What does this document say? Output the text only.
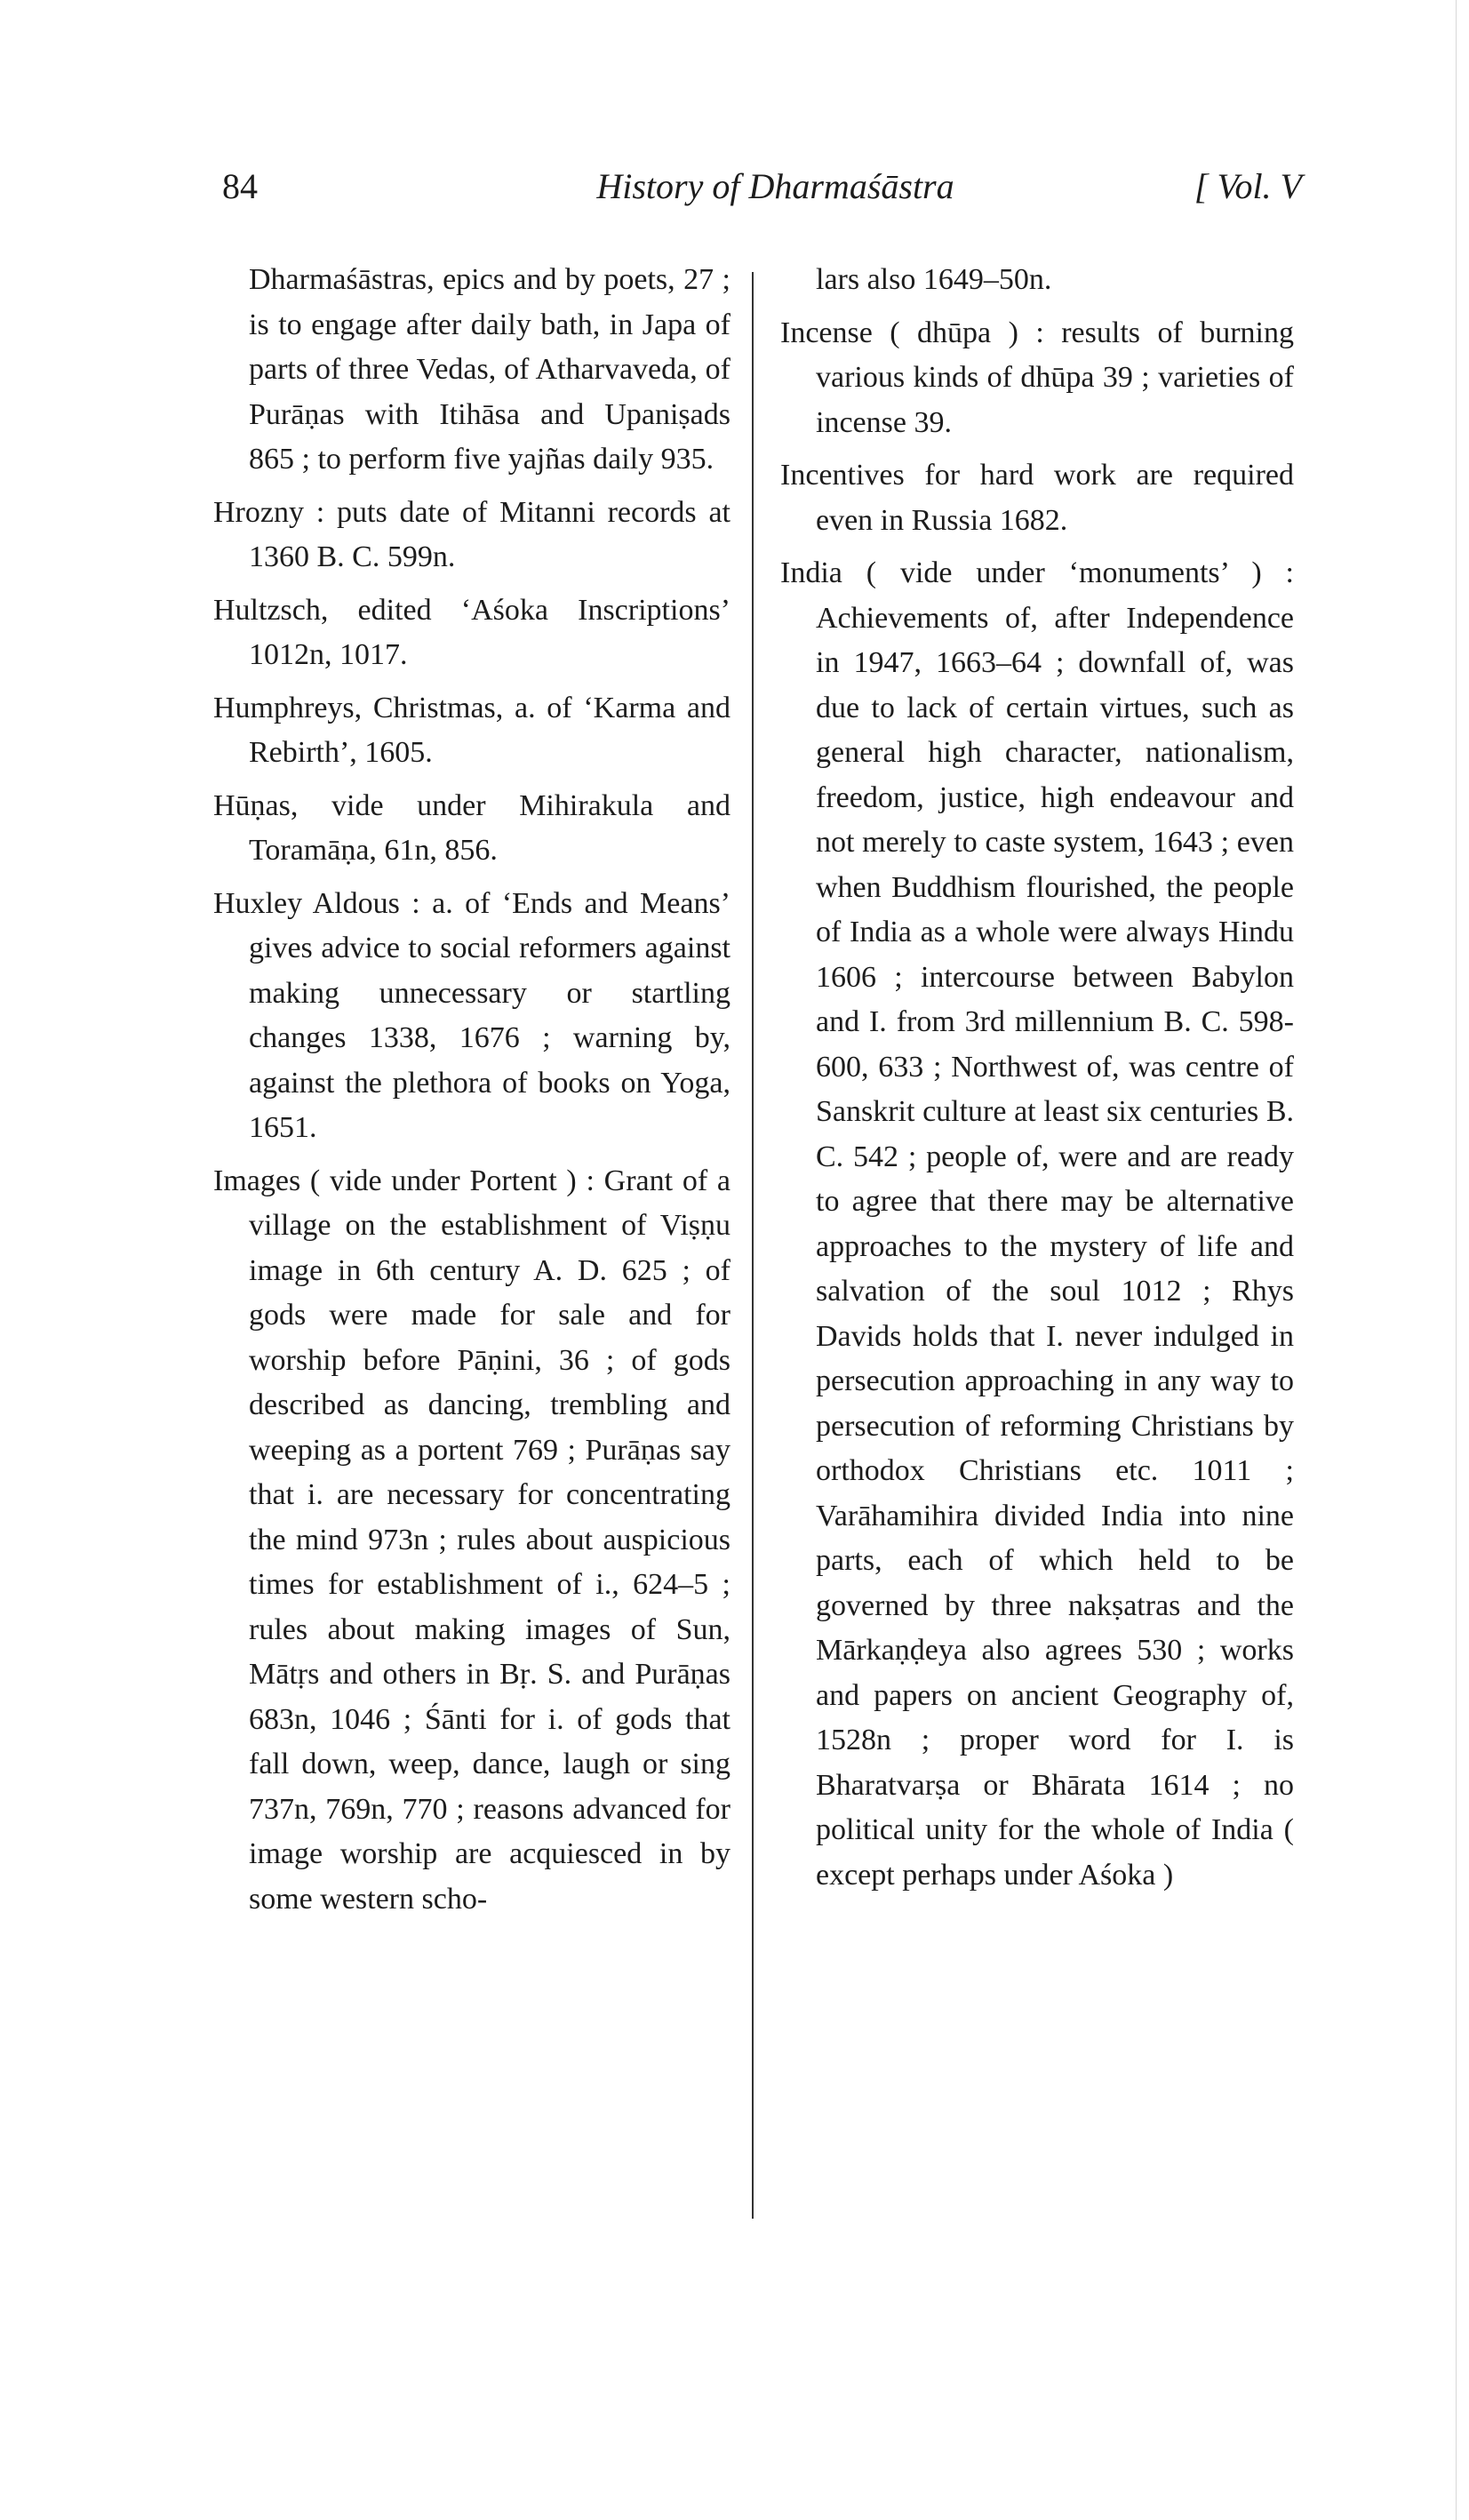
84	History of Dharmaśāstra	[ Vol. V

Dharmaśāstras, epics and by poets, 27 ; is to engage after daily bath, in Japa of parts of three Vedas, of Atharvaveda, of Purāṇas with Itihāsa and Upaniṣads 865 ; to perform five yajñas daily 935.

Hrozny : puts date of Mitanni records at 1360 B. C. 599n.

Hultzsch, edited ‘Aśoka Inscriptions’ 1012n, 1017.

Humphreys, Christmas, a. of ‘Karma and Rebirth’, 1605.

Hūṇas, vide under Mihirakula and Toramāṇa, 61n, 856.

Huxley Aldous : a. of ‘Ends and Means’ gives advice to social reformers against making unnecessary or startling changes 1338, 1676 ; warning by, against the plethora of books on Yoga, 1651.

Images ( vide under Portent ) : Grant of a village on the establishment of Viṣṇu image in 6th century A. D. 625 ; of gods were made for sale and for worship before Pāṇini, 36 ; of gods described as dancing, trembling and weeping as a portent 769 ; Purāṇas say that i. are necessary for concentrating the mind 973n ; rules about auspicious times for establishment of i., 624–5 ; rules about making images of Sun, Mātṛs and others in Bṛ. S. and Purāṇas 683n, 1046 ; Śānti for i. of gods that fall down, weep, dance, laugh or sing 737n, 769n, 770 ; reasons advanced for image worship are acquiesced in by some western scho-

lars also 1649–50n.

Incense ( dhūpa ) : results of burning various kinds of dhūpa 39 ; varieties of incense 39.

Incentives for hard work are required even in Russia 1682.

India ( vide under ‘monuments’ ) : Achievements of, after Independence in 1947, 1663–64 ; downfall of, was due to lack of certain virtues, such as general high character, nationalism, freedom, justice, high endeavour and not merely to caste system, 1643 ; even when Buddhism flourished, the people of India as a whole were always Hindu 1606 ; intercourse between Babylon and I. from 3rd millennium B. C. 598-600, 633 ; Northwest of, was centre of Sanskrit culture at least six centuries B. C. 542 ; people of, were and are ready to agree that there may be alternative approaches to the mystery of life and salvation of the soul 1012 ; Rhys Davids holds that I. never indulged in persecution approaching in any way to persecution of reforming Christians by orthodox Christians etc. 1011 ; Varāhamihira divided India into nine parts, each of which held to be governed by three nakṣatras and the Mārkaṇḍeya also agrees 530 ; works and papers on ancient Geography of, 1528n ; proper word for I. is Bharatvarṣa or Bhārata 1614 ; no political unity for the whole of India ( except perhaps under Aśoka )
